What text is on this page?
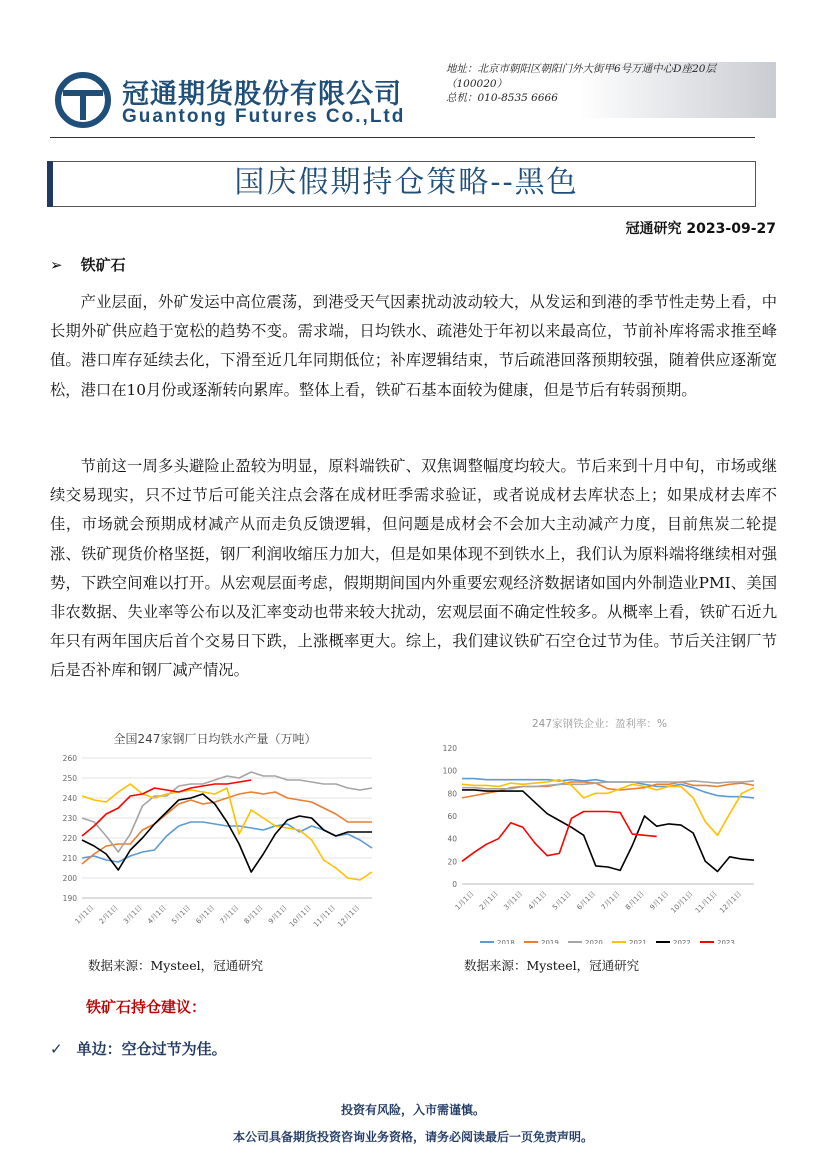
冠通期货股份有限公司
Guantong Futures Co.,Ltd
地址：北京市朝阳区朝阳门外大街甲6号万通中心D座20层
（100020）
总机：010-8535 6666
国庆假期持仓策略--黑色
冠通研究 2023-09-27
➢ 铁矿石

产业层面，外矿发运中高位震荡，到港受天气因素扰动波动较大，从发运和到港的季节性走势上看，中长期外矿供应趋于宽松的趋势不变。需求端，日均铁水、疏港处于年初以来最高位，节前补库将需求推至峰值。港口库存延续去化，下滑至近几年同期低位；补库逻辑结束，节后疏港回落预期较强，随着供应逐渐宽松，港口在10月份或逐渐转向累库。整体上看，铁矿石基本面较为健康，但是节后有转弱预期。

节前这一周多头避险止盈较为明显，原料端铁矿、双焦调整幅度均较大。节后来到十月中旬，市场或继续交易现实，只不过节后可能关注点会落在成材旺季需求验证，或者说成材去库状态上；如果成材去库不佳，市场就会预期成材减产从而走负反馈逻辑，但问题是成材会不会加大主动减产力度，目前焦炭二轮提涨、铁矿现货价格坚挺，钢厂利润收缩压力加大，但是如果体现不到铁水上，我们认为原料端将继续相对强势，下跌空间难以打开。从宏观层面考虑，假期期间国内外重要宏观经济数据诸如国内外制造业PMI、美国非农数据、失业率等公布以及汇率变动也带来较大扰动，宏观层面不确定性较多。从概率上看，铁矿石近九年只有两年国庆后首个交易日下跌，上涨概率更大。综上，我们建议铁矿石空仓过节为佳。节后关注钢厂节后是否补库和钢厂减产情况。

全国247家钢厂日均铁水产量（万吨）
190
200
210
220
230
240
250
260
1月1日 2月1日 3月1日 4月1日 5月1日 6月1日 7月1日 8月1日 9月1日 10月1日 11月1日 12月1日
247家钢铁企业：盈利率：%
0
20
40
60
80
100
120
1月1日 2月1日 3月1日 4月1日 5月1日 6月1日 7月1日 8月1日 9月1日 10月1日 11月1日 12月1日
2018	2019	2020	2021	2022	2023
数据来源：Mysteel，冠通研究	数据来源：Mysteel，冠通研究
铁矿石持仓建议：
✓ 单边：空仓过节为佳。
投资有风险，入市需谨慎。
本公司具备期货投资咨询业务资格，请务必阅读最后一页免责声明。
